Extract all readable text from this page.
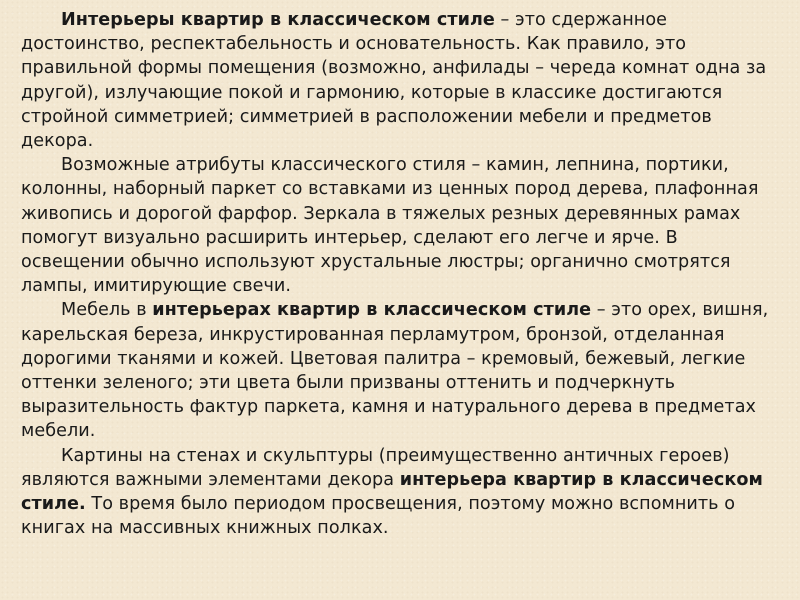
Интерьеры квартир в классическом стиле – это сдержанное достоинство, респектабельность и основательность. Как правило, это правильной формы помещения (возможно, анфилады – череда комнат одна за другой), излучающие покой и гармонию, которые в классике достигаются стройной симметрией; симметрией в расположении мебели и предметов декора.

Возможные атрибуты классического стиля – камин, лепнина, портики, колонны, наборный паркет со вставками из ценных пород дерева, плафонная живопись и дорогой фарфор. Зеркала в тяжелых резных деревянных рамах помогут визуально расширить интерьер, сделают его легче и ярче. В освещении обычно используют хрустальные люстры; органично смотрятся лампы, имитирующие свечи.

Мебель в интерьерах квартир в классическом стиле – это орех, вишня, карельская береза, инкрустированная перламутром, бронзой, отделанная дорогими тканями и кожей. Цветовая палитра – кремовый, бежевый, легкие оттенки зеленого; эти цвета были призваны оттенить и подчеркнуть выразительность фактур паркета, камня и натурального дерева в предметах мебели.

Картины на стенах и скульптуры (преимущественно античных героев) являются важными элементами декора интерьера квартир в классическом стиле. То время было периодом просвещения, поэтому можно вспомнить о книгах на массивных книжных полках.
